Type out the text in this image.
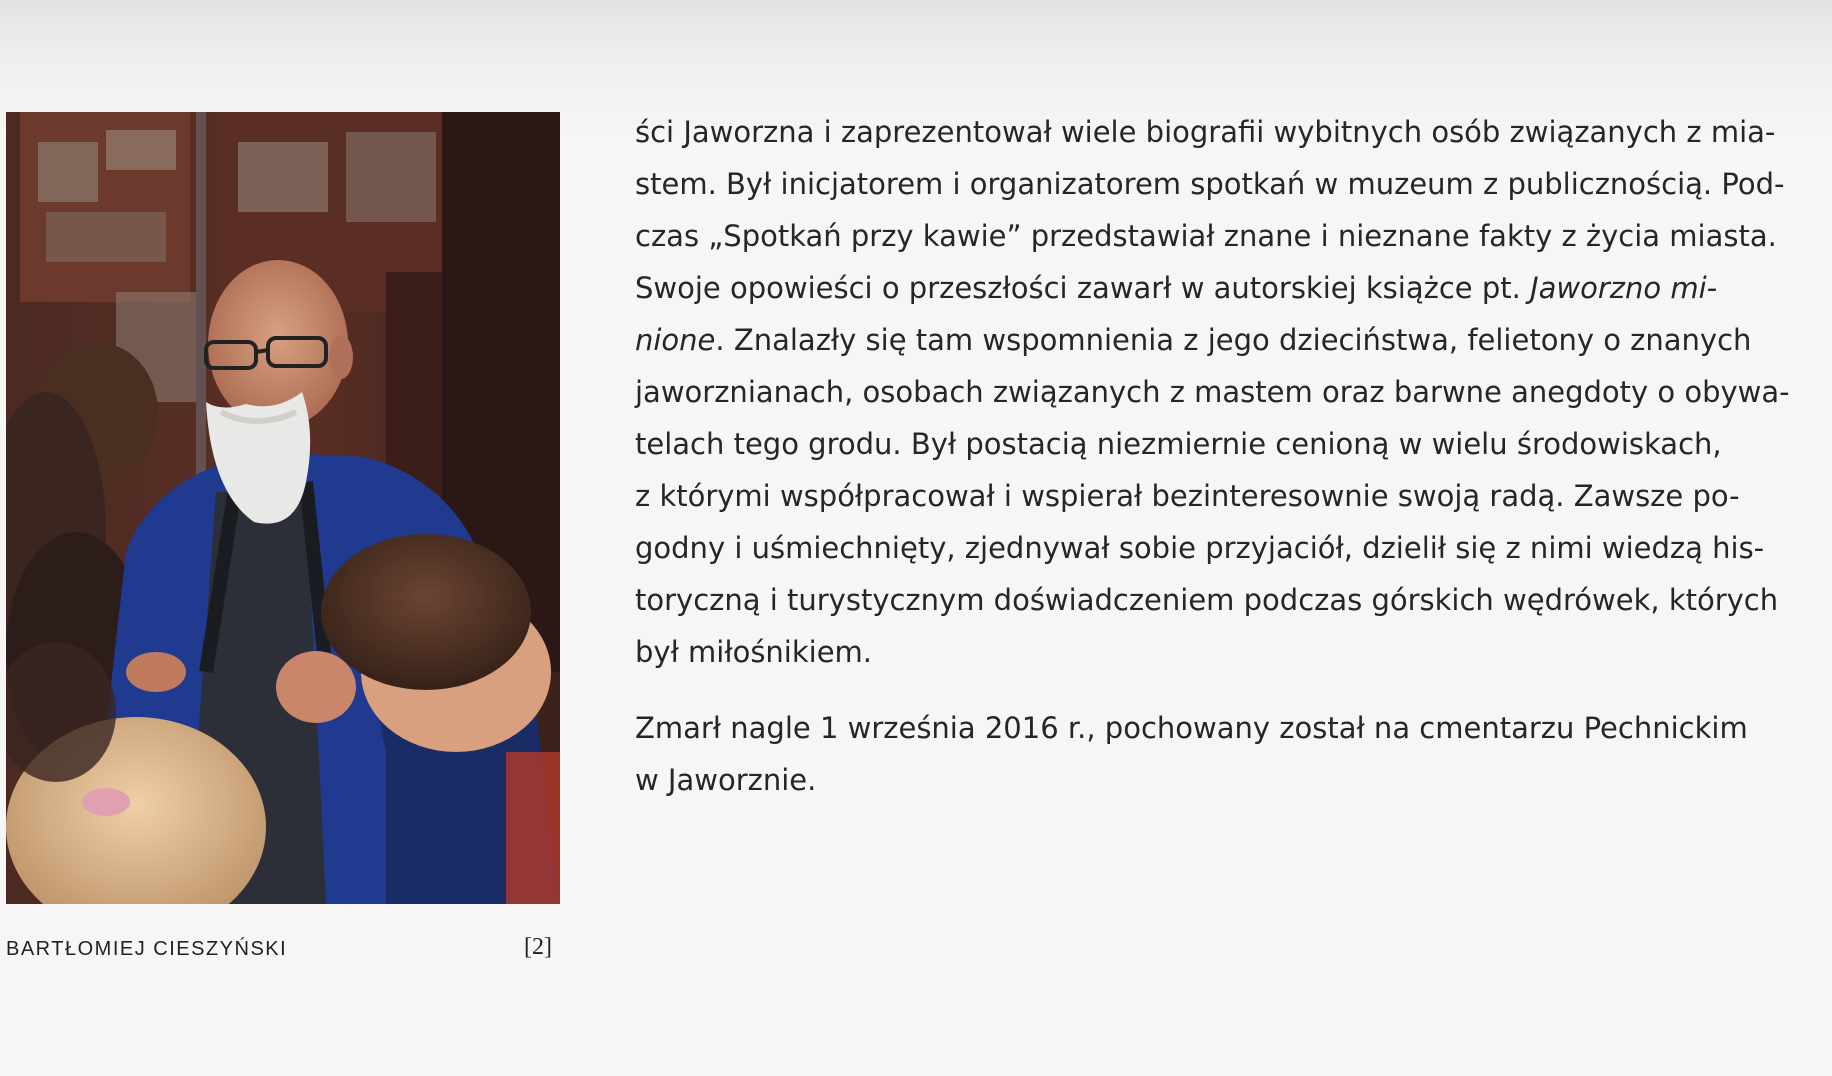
BARTŁOMIEJ CIESZYŃSKI	[2]
ści Jaworzna i zaprezentował wiele biografii wybitnych osób związanych z mia-
stem. Był inicjatorem i organizatorem spotkań w muzeum z publicznością. Pod-
czas „Spotkań przy kawie” przedstawiał znane i nieznane fakty z życia miasta.
Swoje opowieści o przeszłości zawarł w autorskiej książce pt. Jaworzno mi-
nione. Znalazły się tam wspomnienia z jego dzieciństwa, felietony o znanych
jaworznianach, osobach związanych z mastem oraz barwne anegdoty o obywa-
telach tego grodu. Był postacią niezmiernie cenioną w wielu środowiskach,
z którymi współpracował i wspierał bezinteresownie swoją radą. Zawsze po-
godny i uśmiechnięty, zjednywał sobie przyjaciół, dzielił się z nimi wiedzą his-
toryczną i turystycznym doświadczeniem podczas górskich wędrówek, których
był miłośnikiem.
Zmarł nagle 1 września 2016 r., pochowany został na cmentarzu Pechnickim
w Jaworznie.
